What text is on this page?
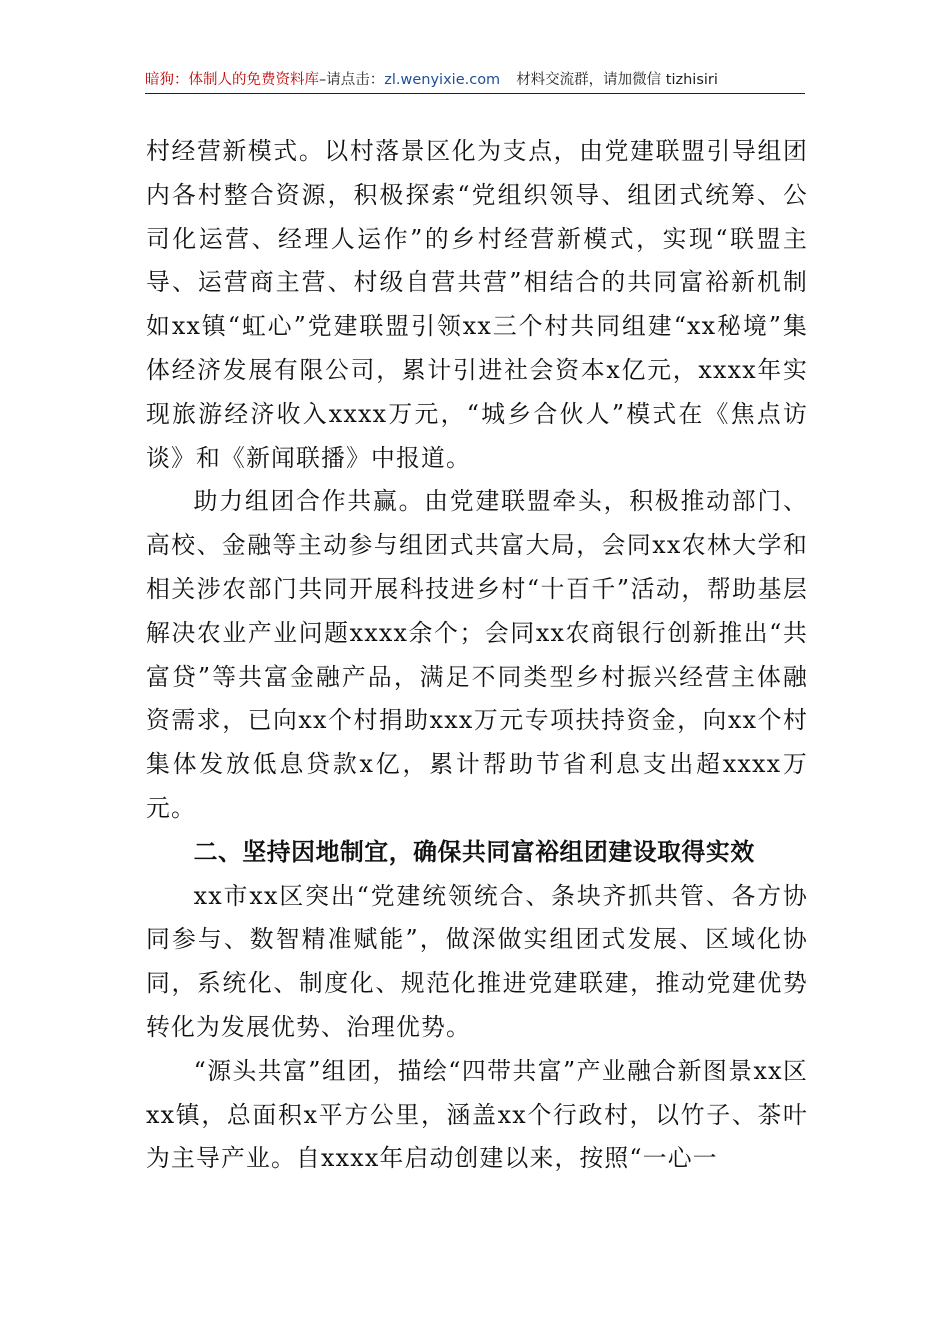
暗狗：体制人的免费资料库–请点击：zl.wenyixie.com 材料交流群，请加微信 tizhisiri

村经营新模式。以村落景区化为支点，由党建联盟引导组团内各村整合资源，积极探索“党组织领导、组团式统筹、公司化运营、经理人运作”的乡村经营新模式，实现“联盟主导、运营商主营、村级自营共营”相结合的共同富裕新机制如xx镇“虹心”党建联盟引领xx三个村共同组建“xx秘境”集体经济发展有限公司，累计引进社会资本x亿元，xxxx年实现旅游经济收入xxxx万元，“城乡合伙人”模式在《焦点访谈》和《新闻联播》中报道。

助力组团合作共赢。由党建联盟牵头，积极推动部门、高校、金融等主动参与组团式共富大局，会同xx农林大学和相关涉农部门共同开展科技进乡村“十百千”活动，帮助基层解决农业产业问题xxxx余个；会同xx农商银行创新推出“共富贷”等共富金融产品，满足不同类型乡村振兴经营主体融资需求，已向xx个村捐助xxx万元专项扶持资金，向xx个村集体发放低息贷款x亿，累计帮助节省利息支出超xxxx万元。

二、坚持因地制宜，确保共同富裕组团建设取得实效

xx市xx区突出“党建统领统合、条块齐抓共管、各方协同参与、数智精准赋能”，做深做实组团式发展、区域化协同，系统化、制度化、规范化推进党建联建，推动党建优势转化为发展优势、治理优势。

“源头共富”组团，描绘“四带共富”产业融合新图景xx区xx镇，总面积x平方公里，涵盖xx个行政村，以竹子、茶叶为主导产业。自xxxx年启动创建以来，按照“一心一
